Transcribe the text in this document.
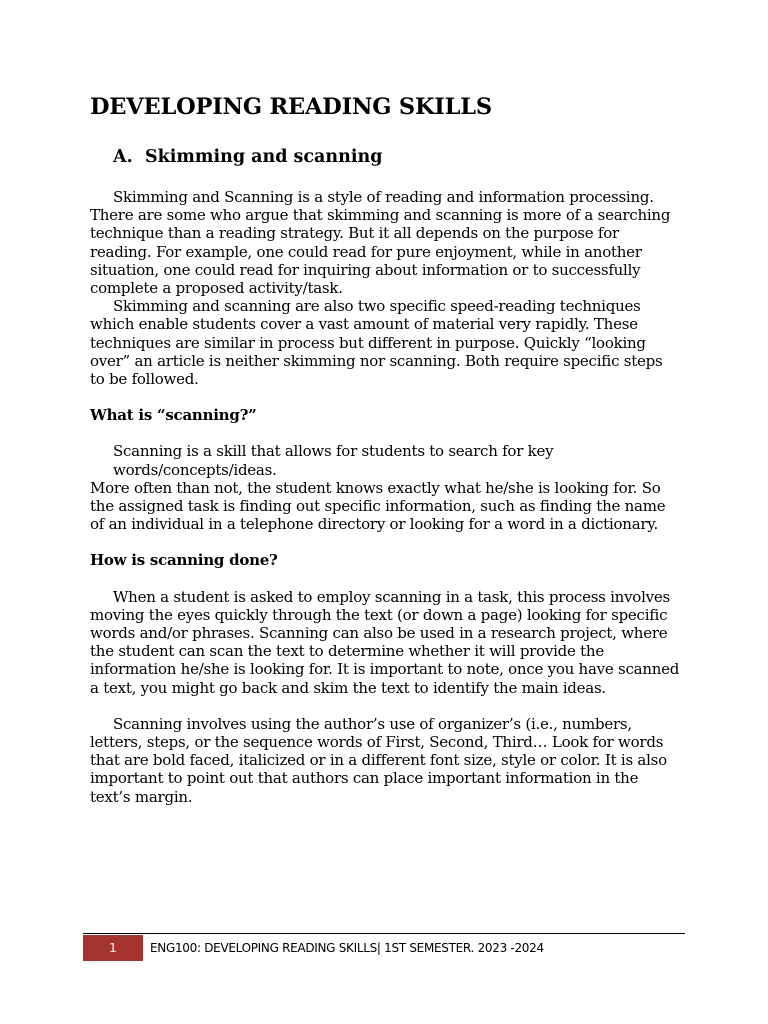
DEVELOPING READING SKILLS
A. Skimming and scanning

Skimming and Scanning is a style of reading and information processing. There are some who argue that skimming and scanning is more of a searching technique than a reading strategy. But it all depends on the purpose for reading. For example, one could read for pure enjoyment, while in another situation, one could read for inquiring about information or to successfully complete a proposed activity/task.

Skimming and scanning are also two specific speed-reading techniques which enable students cover a vast amount of material very rapidly. These techniques are similar in process but different in purpose. Quickly “looking over” an article is neither skimming nor scanning. Both require specific steps to be followed.

What is “scanning?”

Scanning is a skill that allows for students to search for key words/concepts/ideas.

More often than not, the student knows exactly what he/she is looking for. So the assigned task is finding out specific information, such as finding the name of an individual in a telephone directory or looking for a word in a dictionary.

How is scanning done?

When a student is asked to employ scanning in a task, this process involves moving the eyes quickly through the text (or down a page) looking for specific words and/or phrases. Scanning can also be used in a research project, where the student can scan the text to determine whether it will provide the information he/she is looking for. It is important to note, once you have scanned a text, you might go back and skim the text to identify the main ideas.

Scanning involves using the author’s use of organizer’s (i.e., numbers, letters, steps, or the sequence words of First, Second, Third… Look for words that are bold faced, italicized or in a different font size, style or color. It is also important to point out that authors can place important information in the text’s margin.

1	ENG100: DEVELOPING READING SKILLS| 1ST SEMESTER. 2023 -2024
